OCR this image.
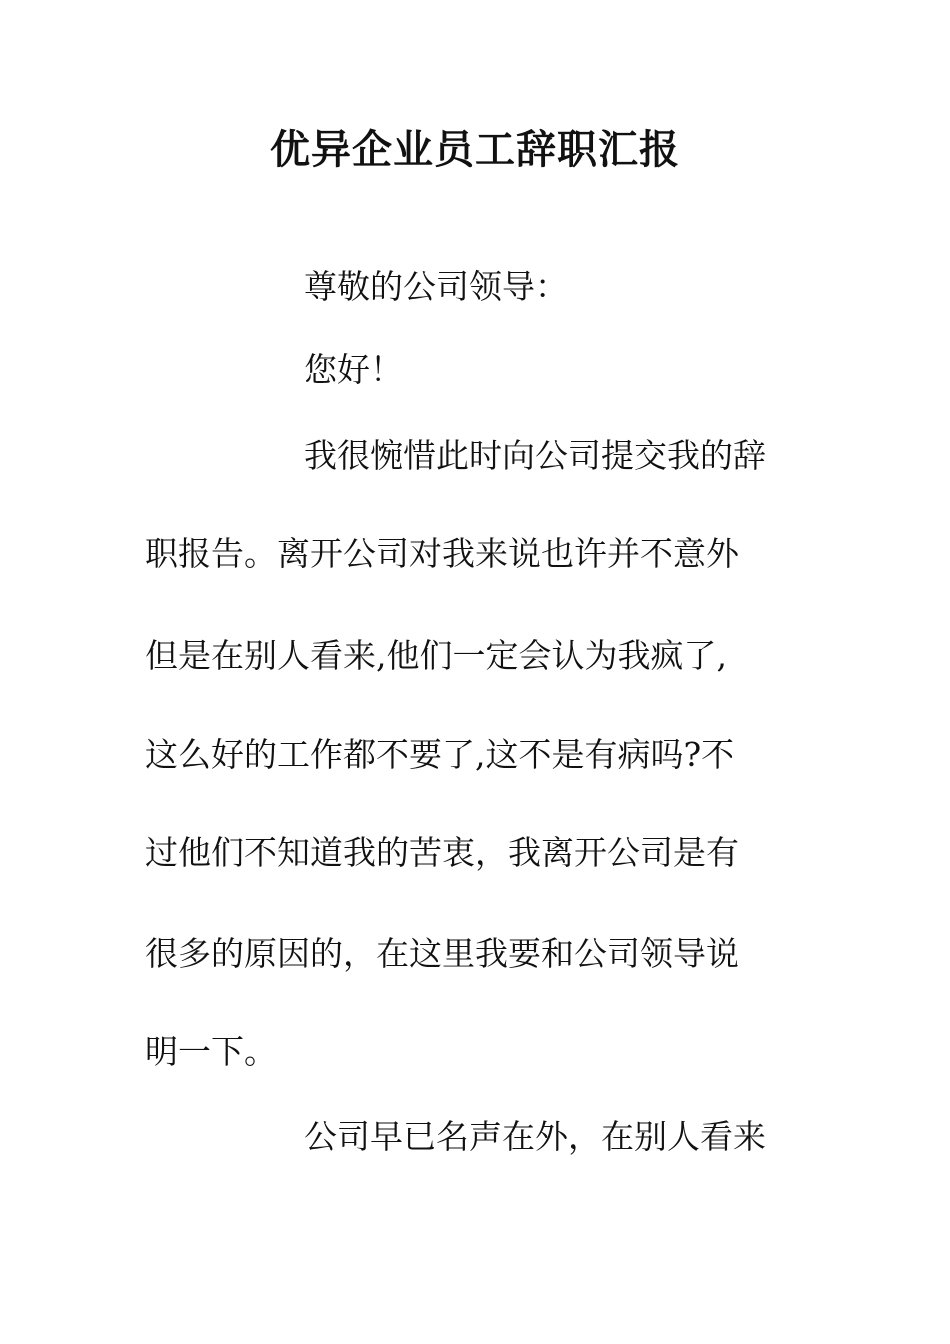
优异企业员工辞职汇报

尊敬的公司领导：

您好！

我很惋惜此时向公司提交我的辞

职报告。离开公司对我来说也许并不意外

但是在别人看来,他们一定会认为我疯了,

这么好的工作都不要了,这不是有病吗?不

过他们不知道我的苦衷，我离开公司是有

很多的原因的，在这里我要和公司领导说

明一下。

公司早已名声在外，在别人看来
